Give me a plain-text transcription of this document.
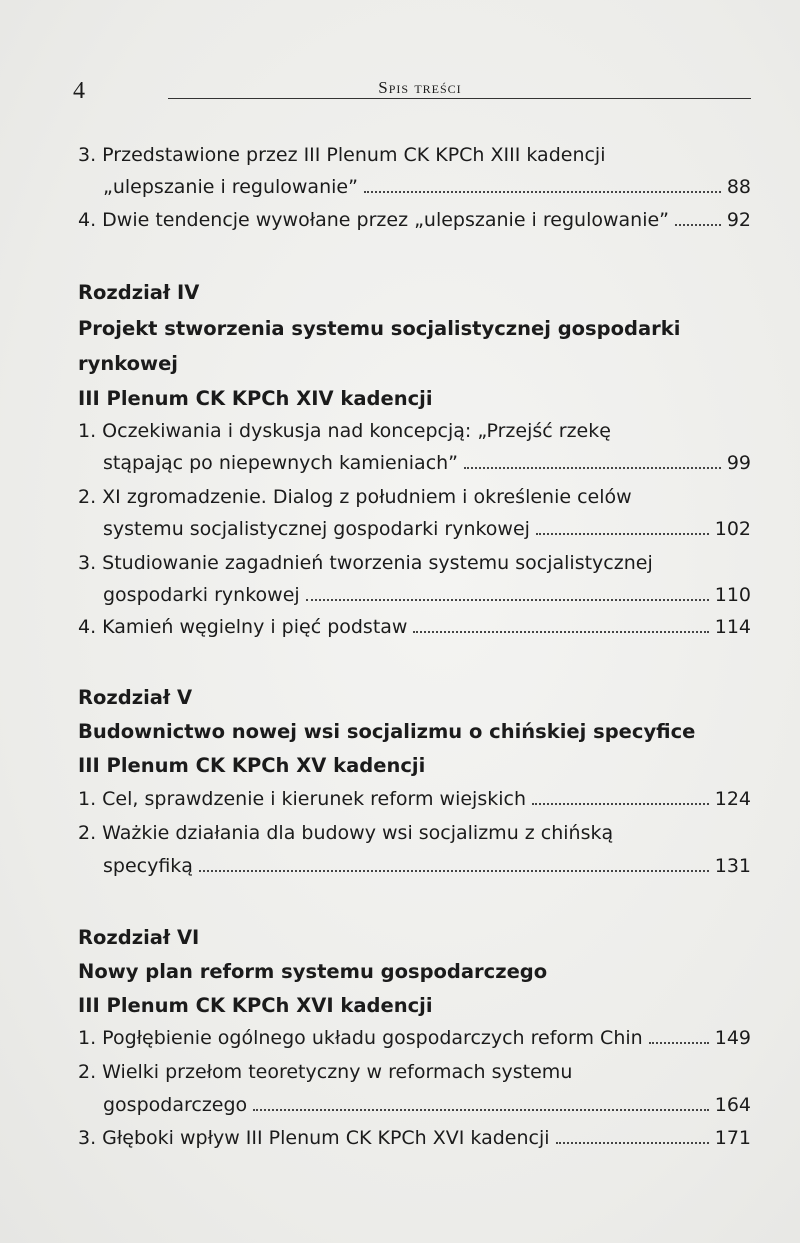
4	Spis treści
3. Przedstawione przez III Plenum CK KPCh XIII kadencji
„ulepszanie i regulowanie”	88
4. Dwie tendencje wywołane przez „ulepszanie i regulowanie”	92
Rozdział IV
Projekt stworzenia systemu socjalistycznej gospodarki
rynkowej
III Plenum CK KPCh XIV kadencji
1. Oczekiwania i dyskusja nad koncepcją: „Przejść rzekę
stąpając po niepewnych kamieniach”	99
2. XI zgromadzenie. Dialog z południem i określenie celów
systemu socjalistycznej gospodarki rynkowej	102
3. Studiowanie zagadnień tworzenia systemu socjalistycznej
gospodarki rynkowej	110
4. Kamień węgielny i pięć podstaw	114
Rozdział V
Budownictwo nowej wsi socjalizmu o chińskiej specyfice
III Plenum CK KPCh XV kadencji
1. Cel, sprawdzenie i kierunek reform wiejskich	124
2. Ważkie działania dla budowy wsi socjalizmu z chińską
specyfiką	131
Rozdział VI
Nowy plan reform systemu gospodarczego
III Plenum CK KPCh XVI kadencji
1. Pogłębienie ogólnego układu gospodarczych reform Chin	149
2. Wielki przełom teoretyczny w reformach systemu
gospodarczego	164
3. Głęboki wpływ III Plenum CK KPCh XVI kadencji	171
